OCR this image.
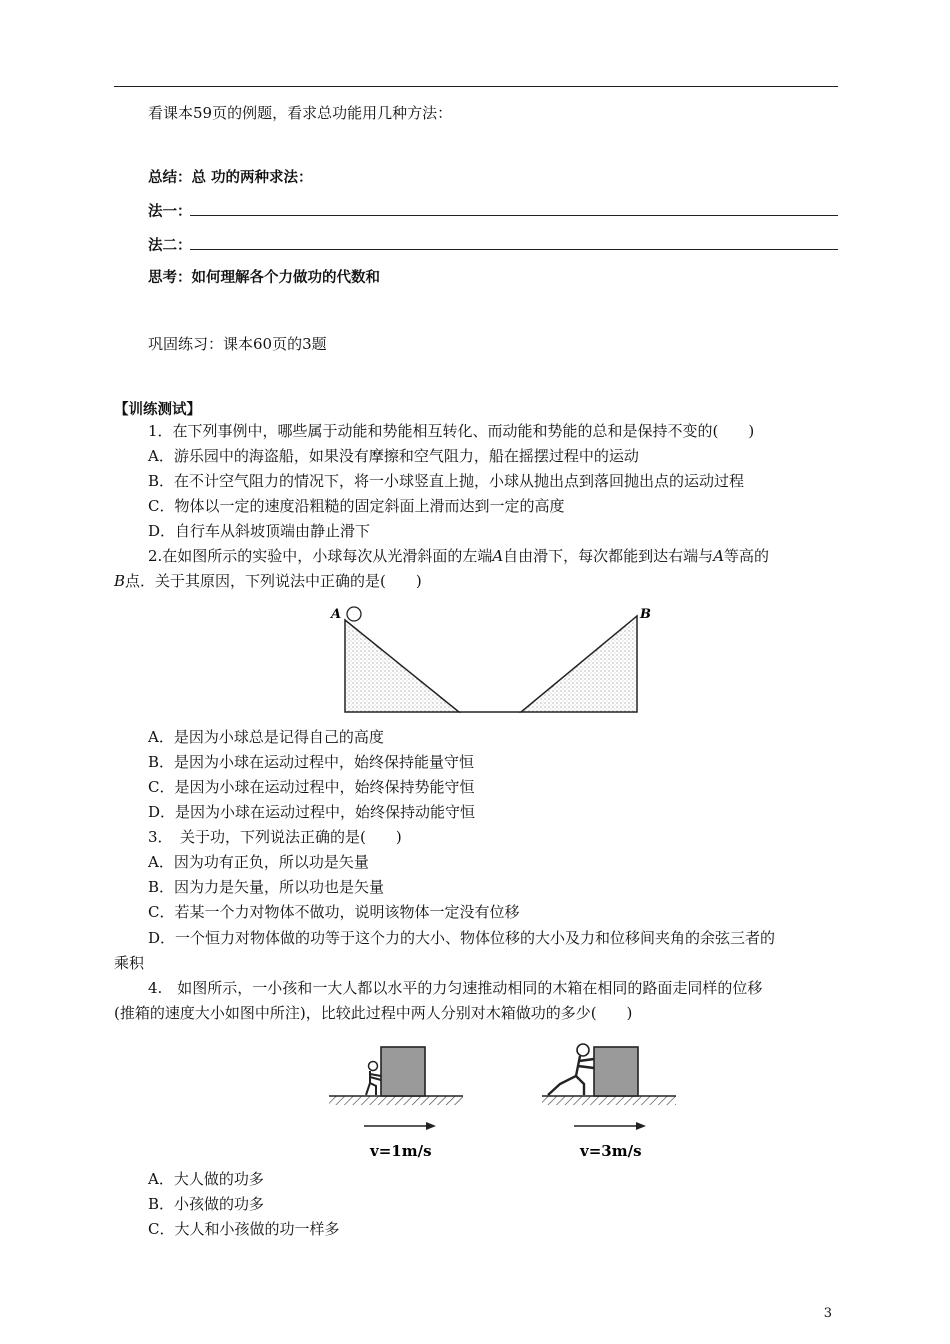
看课本59页的例题，看求总功能用几种方法：
总结：总 功的两种求法：
法一：
法二：
思考：如何理解各个力做功的代数和
巩固练习：课本60页的3题
【训练测试】
1．在下列事例中，哪些属于动能和势能相互转化、而动能和势能的总和是保持不变的(　　)
A．游乐园中的海盗船，如果没有摩擦和空气阻力，船在摇摆过程中的运动
B．在不计空气阻力的情况下，将一小球竖直上抛，小球从抛出点到落回抛出点的运动过程
C．物体以一定的速度沿粗糙的固定斜面上滑而达到一定的高度
D．自行车从斜坡顶端由静止滑下
2.在如图所示的实验中，小球每次从光滑斜面的左端A自由滑下，每次都能到达右端与A等高的
B点．关于其原因，下列说法中正确的是(　　)
A	B
A．是因为小球总是记得自己的高度
B．是因为小球在运动过程中，始终保持能量守恒
C．是因为小球在运动过程中，始终保持势能守恒
D．是因为小球在运动过程中，始终保持动能守恒
3．　关于功，下列说法正确的是(　　)
A．因为功有正负，所以功是矢量
B．因为力是矢量，所以功也是矢量
C．若某一个力对物体不做功，说明该物体一定没有位移
D．一个恒力对物体做的功等于这个力的大小、物体位移的大小及力和位移间夹角的余弦三者的
乘积
4.　如图所示，一小孩和一大人都以水平的力匀速推动相同的木箱在相同的路面走同样的位移
(推箱的速度大小如图中所注)，比较此过程中两人分别对木箱做功的多少(　　)
v=1m/s	v=3m/s
A．大人做的功多
B．小孩做的功多
C．大人和小孩做的功一样多
3
